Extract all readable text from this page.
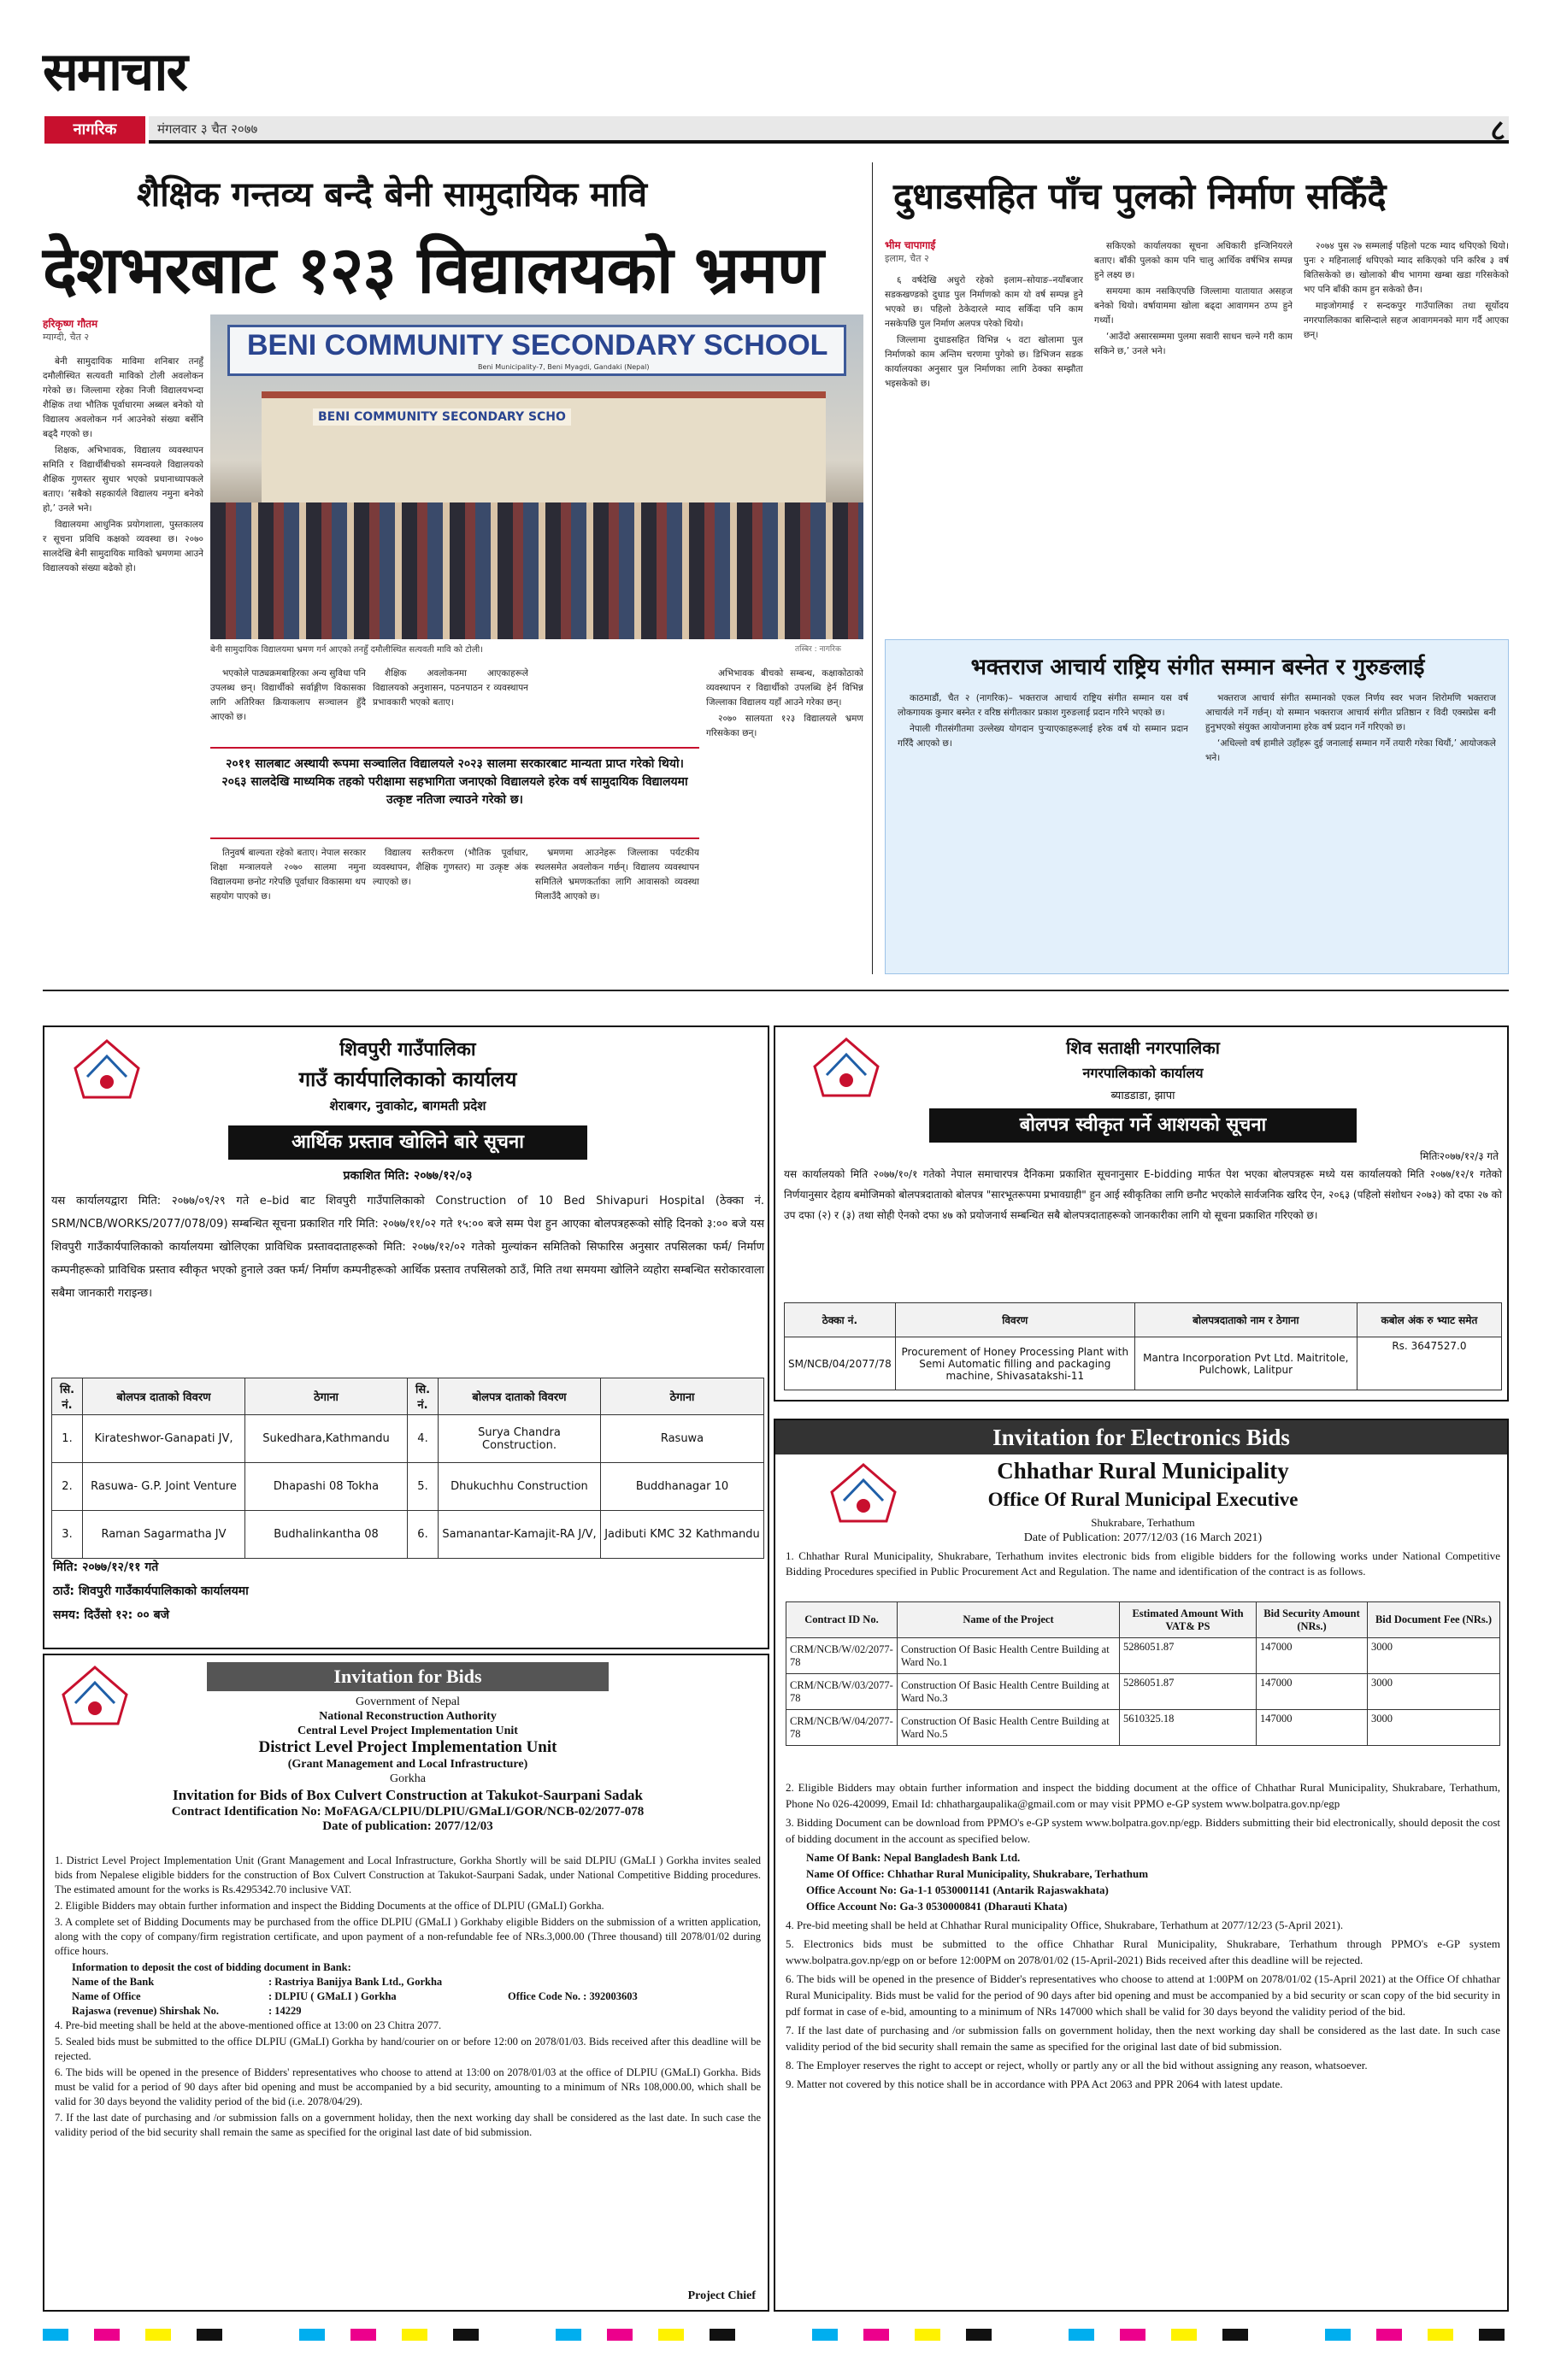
समाचार
नागरिक	मंगलवार ३ चैत २०७७	८
शैक्षिक गन्तव्य बन्दै बेनी सामुदायिक मावि
देशभरबाट १२३ विद्यालयको भ्रमण
हरिकृष्ण गौतम
म्याग्दी, चैत २

बेनी सामुदायिक माविमा शनिबार तनहुँ दमौलीस्थित सत्यवती माविको टोली अवलोकन गरेको छ। जिल्लामा रहेका निजी विद्यालयभन्दा शैक्षिक तथा भौतिक पूर्वाधारमा अब्बल बनेको यो विद्यालय अवलोकन गर्न आउनेको संख्या बर्सेनि बढ्दै गएको छ।

शिक्षक, अभिभावक, विद्यालय व्यवस्थापन समिति र विद्यार्थीबीचको समन्वयले विद्यालयको शैक्षिक गुणस्तर सुधार भएको प्रधानाध्यापकले बताए। ‘सबैको सहकार्यले विद्यालय नमुना बनेको हो,’ उनले भने।

विद्यालयमा आधुनिक प्रयोगशाला, पुस्तकालय र सूचना प्रविधि कक्षको व्यवस्था छ। २०७० सालदेखि बेनी सामुदायिक माविको भ्रमणमा आउने विद्यालयको संख्या बढेको हो।

BENI COMMUNITY SECONDARY SCHOOL
Beni Municipality-7, Beni Myagdi, Gandaki (Nepal)
BENI COMMUNITY SECONDARY SCHO
बेनी सामुदायिक विद्यालयमा भ्रमण गर्न आएको तनहुँ दमौलीस्थित सत्यवती मावि को टोली।	तस्बिर : नागरिक

भएकोले पाठ्यक्रमबाहिरका अन्य सुविधा पनि उपलब्ध छन्। विद्यार्थीको सर्वाङ्गीण विकासका लागि अतिरिक्त क्रियाकलाप सञ्चालन हुँदै आएको छ।

शैक्षिक अवलोकनमा आएकाहरूले विद्यालयको अनुशासन, पठनपाठन र व्यवस्थापन प्रभावकारी भएको बताए।

अभिभावक बीचको सम्बन्ध, कक्षाकोठाको व्यवस्थापन र विद्यार्थीको उपलब्धि हेर्न विभिन्न जिल्लाका विद्यालय यहाँ आउने गरेका छन्।

२०७० सालयता १२३ विद्यालयले भ्रमण गरिसकेका छन्।

२०११ सालबाट अस्थायी रूपमा सञ्चालित विद्यालयले २०२३ सालमा सरकारबाट मान्यता प्राप्त गरेको थियो। २०६३ सालदेखि माध्यमिक तहको परीक्षामा सहभागिता जनाएको विद्यालयले हरेक वर्ष सामुदायिक विद्यालयमा उत्कृष्ट नतिजा ल्याउने गरेको छ।

तिनुवर्ष बाल्यता रहेको बताए। नेपाल सरकार शिक्षा मन्त्रालयले २०७० सालमा नमुना विद्यालयमा छनोट गरेपछि पूर्वाधार विकासमा थप सहयोग पाएको छ।

विद्यालय स्तरीकरण (भौतिक पूर्वाधार, व्यवस्थापन, शैक्षिक गुणस्तर) मा उत्कृष्ट अंक ल्याएको छ।

भ्रमणमा आउनेहरू जिल्लाका पर्यटकीय स्थलसमेत अवलोकन गर्छन्। विद्यालय व्यवस्थापन समितिले भ्रमणकर्ताका लागि आवासको व्यवस्था मिलाउँदै आएको छ।

दुधाडसहित पाँच पुलको निर्माण सकिँदै
भीम चापागाईं
इलाम, चैत २

६ वर्षदेखि अधुरो रहेको इलाम–सोयाङ–नयाँबजार सडकखण्डको दुधाड पुल निर्माणको काम यो वर्ष सम्पन्न हुने भएको छ। पहिलो ठेकेदारले म्याद सकिँदा पनि काम नसकेपछि पुल निर्माण अलपत्र परेको थियो।

जिल्लामा दुधाडसहित विभिन्न ५ वटा खोलामा पुल निर्माणको काम अन्तिम चरणमा पुगेको छ। डिभिजन सडक कार्यालयका अनुसार पुल निर्माणका लागि ठेक्का सम्झौता भइसकेको छ।

सकिएको कार्यालयका सूचना अधिकारी इन्जिनियरले बताए। बाँकी पुलको काम पनि चालु आर्थिक वर्षभित्र सम्पन्न हुने लक्ष्य छ।

समयमा काम नसकिएपछि जिल्लामा यातायात असहज बनेको थियो। वर्षायाममा खोला बढ्दा आवागमन ठप्प हुने गर्थ्यो।

‘आउँदो असारसम्ममा पुलमा सवारी साधन चल्ने गरी काम सकिने छ,’ उनले भने।

२०७४ पुस २७ सम्मलाई पहिलो पटक म्याद थपिएको थियो। पुनः २ महिनालाई थपिएको म्याद सकिएको पनि करिब ३ वर्ष बितिसकेको छ। खोलाको बीच भागमा खम्बा खडा गरिसकेको भए पनि बाँकी काम हुन सकेको छैन।

माइजोगमाई र सन्दकपुर गाउँपालिका तथा सूर्योदय नगरपालिकाका बासिन्दाले सहज आवागमनको माग गर्दै आएका छन्।

भक्तराज आचार्य राष्ट्रिय संगीत सम्मान बस्नेत र गुरुङलाई

काठमाडौं, चैत २ (नागरिक)– भक्तराज आचार्य राष्ट्रिय संगीत सम्मान यस वर्ष लोकगायक कुमार बस्नेत र वरिष्ठ संगीतकार प्रकाश गुरुङलाई प्रदान गरिने भएको छ।

नेपाली गीतसंगीतमा उल्लेख्य योगदान पुर्‍याएकाहरूलाई हरेक वर्ष यो सम्मान प्रदान गरिँदै आएको छ।

भक्तराज आचार्य संगीत सम्मानको एकल निर्णय स्वर भजन शिरोमणि भक्तराज आचार्यले गर्ने गर्छन्। यो सम्मान भक्तराज आचार्य संगीत प्रतिष्ठान र विदी एक्सप्रेस बनी हुनुभएको संयुक्त आयोजनामा हरेक वर्ष प्रदान गर्ने गरिएको छ।

‘अधिल्लो वर्ष हामीले उहाँहरू दुई जनालाई सम्मान गर्ने तयारी गरेका थियौं,’ आयोजकले भने।

शिवपुरी गाउँपालिका
गाउँ कार्यपालिकाको कार्यालय
शेराबगर, नुवाकोट, बागमती प्रदेश
आर्थिक प्रस्ताव खोलिने बारे सूचना
प्रकाशित मिति: २०७७/१२/०३
यस कार्यालयद्वारा मिति: २०७७/०९/२९ गते e–bid बाट शिवपुरी गाउँपालिकाको Construction of 10 Bed Shivapuri Hospital (ठेक्का नं. SRM/NCB/WORKS/2077/078/09) सम्बन्धित सूचना प्रकाशित गरि मिति: २०७७/११/०२ गते १५:०० बजे सम्म पेश हुन आएका बोलपत्रहरूको सोहि दिनको ३:०० बजे यस शिवपुरी गाउँकार्यपालिकाको कार्यालयमा खोलिएका प्राविधिक प्रस्तावदाताहरूको मिति: २०७७/१२/०२ गतेको मुल्यांकन समितिको सिफारिस अनुसार तपसिलका फर्म/ निर्माण कम्पनीहरूको प्राविधिक प्रस्ताव स्वीकृत भएको हुनाले उक्त फर्म/ निर्माण कम्पनीहरूको आर्थिक प्रस्ताव तपसिलको ठाउँ, मिति तथा समयमा खोलिने व्यहोरा सम्बन्धित सरोकारवाला सबैमा जानकारी गराइन्छ।
सि. नं.	बोलपत्र दाताको विवरण	ठेगाना	सि. नं.	बोलपत्र दाताको विवरण	ठेगाना
1.	Kirateshwor-Ganapati JV,	Sukedhara,Kathmandu	4.	Surya Chandra Construction.	Rasuwa
2.	Rasuwa- G.P. Joint Venture	Dhapashi 08 Tokha	5.	Dhukuchhu Construction	Buddhanagar 10
3.	Raman Sagarmatha JV	Budhalinkantha 08	6.	Samanantar-Kamajit-RA J/V,	Jadibuti KMC 32 Kathmandu
मिति: २०७७/१२/११ गते
ठाउँ: शिवपुरी गाउँकार्यपालिकाको कार्यालयमा
समय: दिउँसो १२: ०० बजे
शिव सताक्षी नगरपालिका
नगरपालिकाको कार्यालय
ब्याडडाडा, झापा
बोलपत्र स्वीकृत गर्ने आशयको सूचना
मितिः२०७७/१२/३ गते
यस कार्यालयको मिति २०७७/१०/१ गतेको नेपाल समाचारपत्र दैनिकमा प्रकाशित सूचनानुसार E-bidding मार्फत पेश भएका बोलपत्रहरू मध्ये यस कार्यालयको मिति २०७७/१२/१ गतेको निर्णयानुसार देहाय बमोजिमको बोलपत्रदाताको बोलपत्र "सारभूतरूपमा प्रभावग्राही" हुन आई स्वीकृतिका लागि छनौट भएकोले सार्वजनिक खरिद ऐन, २०६३ (पहिलो संशोधन २०७३) को दफा २७ को उप दफा (२) र (३) तथा सोही ऐनको दफा ४७ को प्रयोजनार्थ सम्बन्धित सबै बोलपत्रदाताहरूको जानकारीका लागि यो सूचना प्रकाशित गरिएको छ।
ठेक्का नं.	विवरण	बोलपत्रदाताको नाम र ठेगाना	कबोल अंक रु भ्याट समेत
SM/NCB/04/2077/78	Procurement of Honey Processing Plant with Semi Automatic filling and packaging machine, Shivasatakshi-11	Mantra Incorporation Pvt Ltd. Maitritole, Pulchowk, Lalitpur	Rs. 3647527.0
Invitation for Bids
Government of Nepal
National Reconstruction Authority
Central Level Project Implementation Unit
District Level Project Implementation Unit
(Grant Management and Local Infrastructure)
Gorkha
Invitation for Bids of Box Culvert Construction at Takukot-Saurpani Sadak
Contract Identification No: MoFAGA/CLPIU/DLPIU/GMaLI/GOR/NCB-02/2077-078
Date of publication: 2077/12/03
1. District Level Project Implementation Unit (Grant Management and Local Infrastructure, Gorkha Shortly will be said DLPIU (GMaLI ) Gorkha invites sealed bids from Nepalese eligible bidders for the construction of Box Culvert Construction at Takukot-Saurpani Sadak, under National Competitive Bidding procedures. The estimated amount for the works is Rs.4295342.70 inclusive VAT.
2. Eligible Bidders may obtain further information and inspect the Bidding Documents at the office of DLPIU (GMaLI) Gorkha.
3. A complete set of Bidding Documents may be purchased from the office DLPIU (GMaLI ) Gorkhaby eligible Bidders on the submission of a written application, along with the copy of company/firm registration certificate, and upon payment of a non-refundable fee of NRs.3,000.00 (Three thousand) till 2078/01/02 during office hours.
Information to deposit the cost of bidding document in Bank:
Name of the Bank	: Rastriya Banijya Bank Ltd., Gorkha	
Name of Office	: DLPIU ( GMaLI ) Gorkha	Office Code No. : 392003603
Rajaswa (revenue) Shirshak No.	: 14229	
4. Pre-bid meeting shall be held at the above-mentioned office at 13:00 on 23 Chitra 2077.
5. Sealed bids must be submitted to the office DLPIU (GMaLI) Gorkha by hand/courier on or before 12:00 on 2078/01/03. Bids received after this deadline will be rejected.
6. The bids will be opened in the presence of Bidders' representatives who choose to attend at 13:00 on 2078/01/03 at the office of DLPIU (GMaLI) Gorkha. Bids must be valid for a period of 90 days after bid opening and must be accompanied by a bid security, amounting to a minimum of NRs 108,000.00, which shall be valid for 30 days beyond the validity period of the bid (i.e. 2078/04/29).
7. If the last date of purchasing and /or submission falls on a government holiday, then the next working day shall be considered as the last date. In such case the validity period of the bid security shall remain the same as specified for the original last date of bid submission.
Project Chief
Invitation for Electronics Bids
Chhathar Rural Municipality
Office Of Rural Municipal Executive
Shukrabare, Terhathum
Date of Publication: 2077/12/03 (16 March 2021)
1. Chhathar Rural Municipality, Shukrabare, Terhathum invites electronic bids from eligible bidders for the following works under National Competitive Bidding Procedures specified in Public Procurement Act and Regulation. The name and identification of the contract is as follows.
Contract ID No.	Name of the Project	Estimated Amount With VAT& PS	Bid Security Amount (NRs.)	Bid Document Fee (NRs.)
CRM/NCB/W/02/2077-78	Construction Of Basic Health Centre Building at Ward No.1	5286051.87	147000	3000
CRM/NCB/W/03/2077-78	Construction Of Basic Health Centre Building at Ward No.3	5286051.87	147000	3000
CRM/NCB/W/04/2077-78	Construction Of Basic Health Centre Building at Ward No.5	5610325.18	147000	3000
2. Eligible Bidders may obtain further information and inspect the bidding document at the office of Chhathar Rural Municipality, Shukrabare, Terhathum, Phone No 026-420099, Email Id: chhathargaupalika@gmail.com or may visit PPMO e-GP system www.bolpatra.gov.np/egp
3. Bidding Document can be download from PPMO's e-GP system www.bolpatra.gov.np/egp. Bidders submitting their bid electronically, should deposit the cost of bidding document in the account as specified below.
Name Of Bank: Nepal Bangladesh Bank Ltd.
Name Of Office: Chhathar Rural Municipality, Shukrabare, Terhathum
Office Account No: Ga-1-1 0530001141 (Antarik Rajaswakhata)
Office Account No: Ga-3 0530000841 (Dharauti Khata)
4. Pre-bid meeting shall be held at Chhathar Rural municipality Office, Shukrabare, Terhathum at 2077/12/23 (5-April 2021).
5. Electronics bids must be submitted to the office Chhathar Rural Municipality, Shukrabare, Terhathum through PPMO's e-GP system www.bolpatra.gov.np/egp on or before 12:00PM on 2078/01/02 (15-April-2021) Bids received after this deadline will be rejected.
6. The bids will be opened in the presence of Bidder's representatives who choose to attend at 1:00PM on 2078/01/02 (15-April 2021) at the Office Of chhathar Rural Municipality. Bids must be valid for the period of 90 days after bid opening and must be accompanied by a bid security or scan copy of the bid security in pdf format in case of e-bid, amounting to a minimum of NRs 147000 which shall be valid for 30 days beyond the validity period of the bid.
7. If the last date of purchasing and /or submission falls on government holiday, then the next working day shall be considered as the last date. In such case validity period of the bid security shall remain the same as specified for the original last date of bid submission.
8. The Employer reserves the right to accept or reject, wholly or partly any or all the bid without assigning any reason, whatsoever.
9. Matter not covered by this notice shall be in accordance with PPA Act 2063 and PPR 2064 with latest update.
